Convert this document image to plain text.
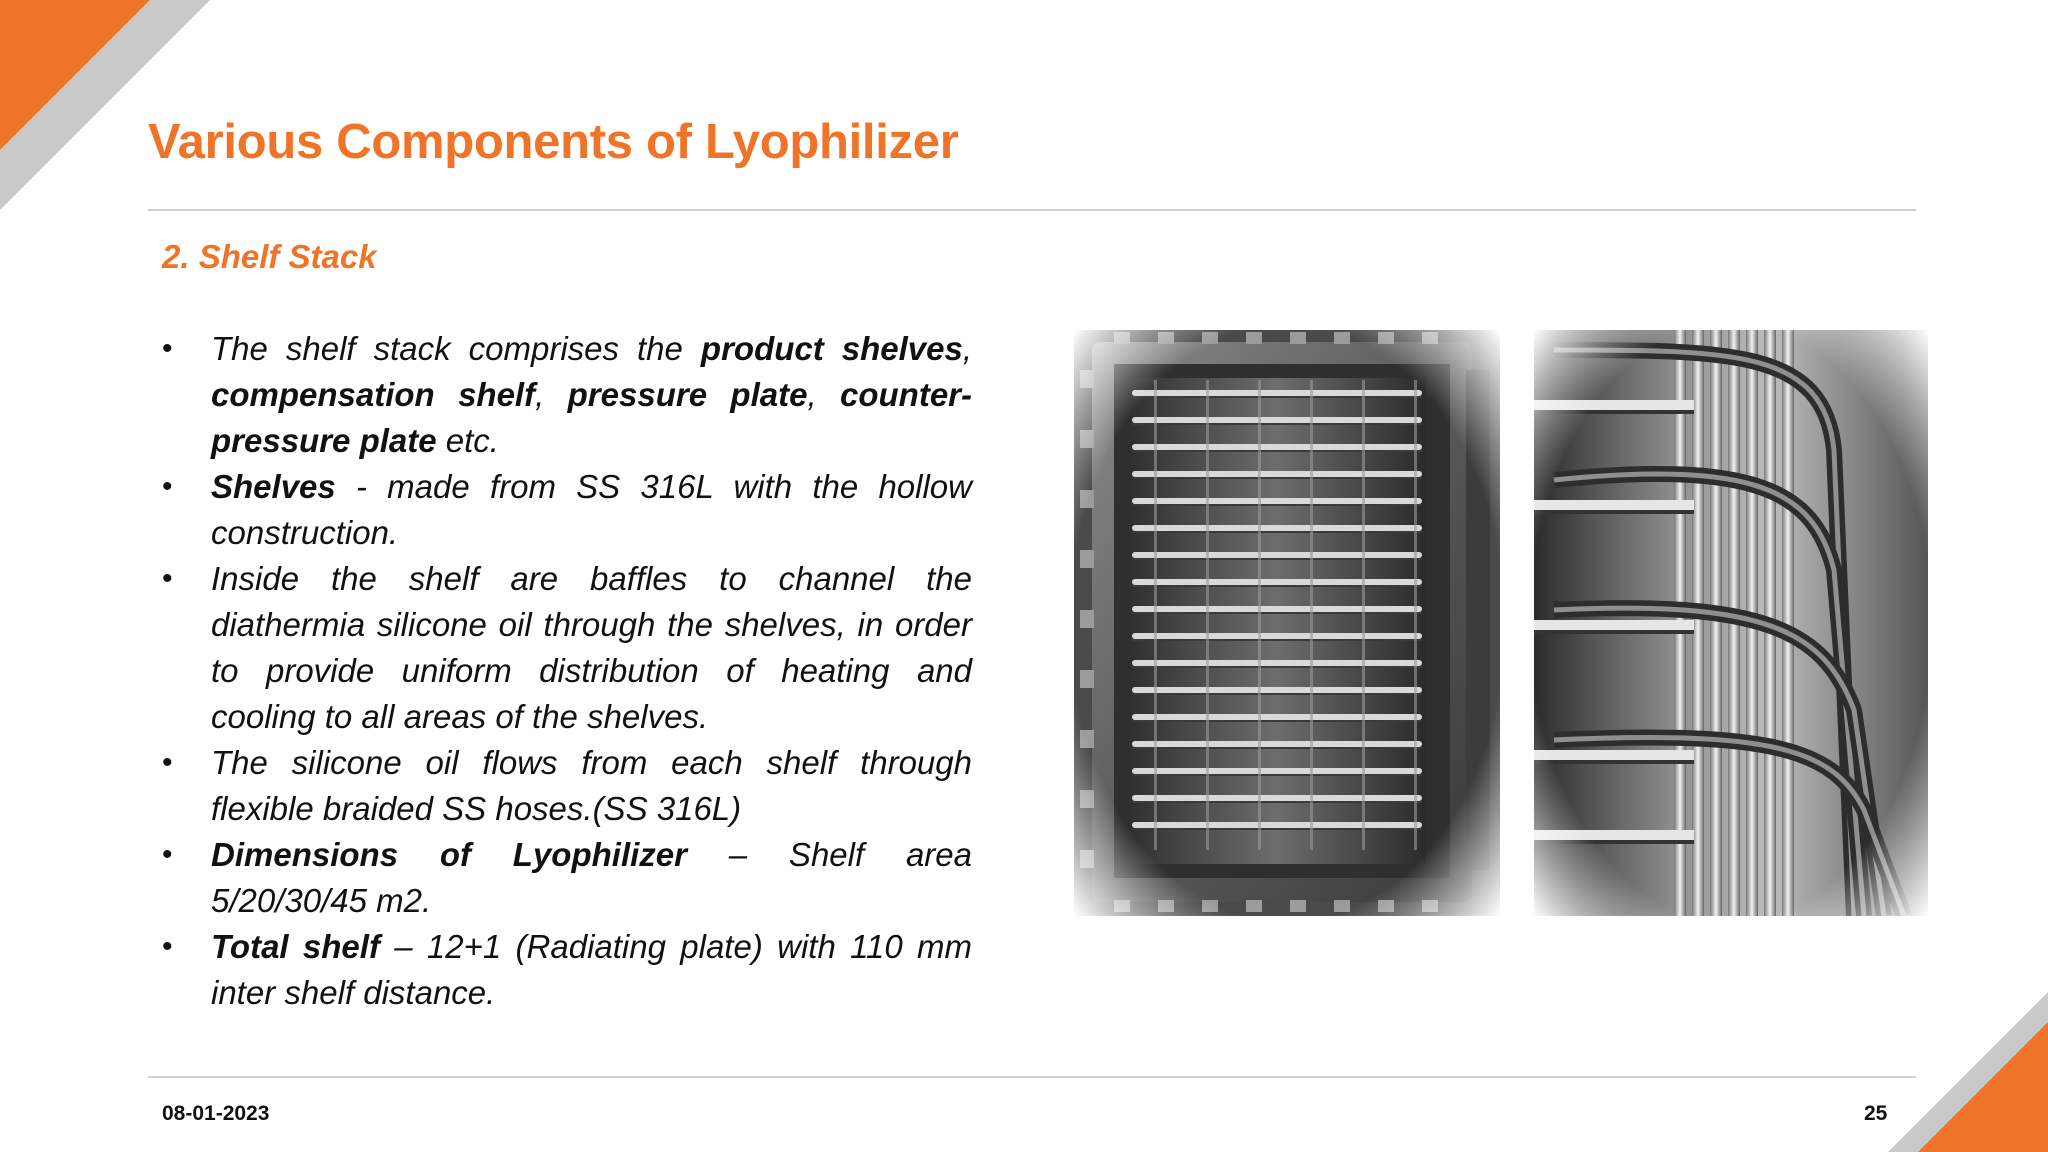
Various Components of Lyophilizer
2. Shelf Stack
• The shelf stack comprises the product shelves, compensation shelf, pressure plate, counter-pressure plate etc.
• Shelves - made from SS 316L with the hollow construction.
• Inside the shelf are baffles to channel the diathermia silicone oil through the shelves, in order to provide uniform distribution of heating and cooling to all areas of the shelves.
• The silicone oil flows from each shelf through flexible braided SS hoses.(SS 316L)
• Dimensions of Lyophilizer – Shelf area 5/20/30/45 m2.
• Total shelf – 12+1 (Radiating plate) with 110 mm inter shelf distance.
08-01-2023	25
